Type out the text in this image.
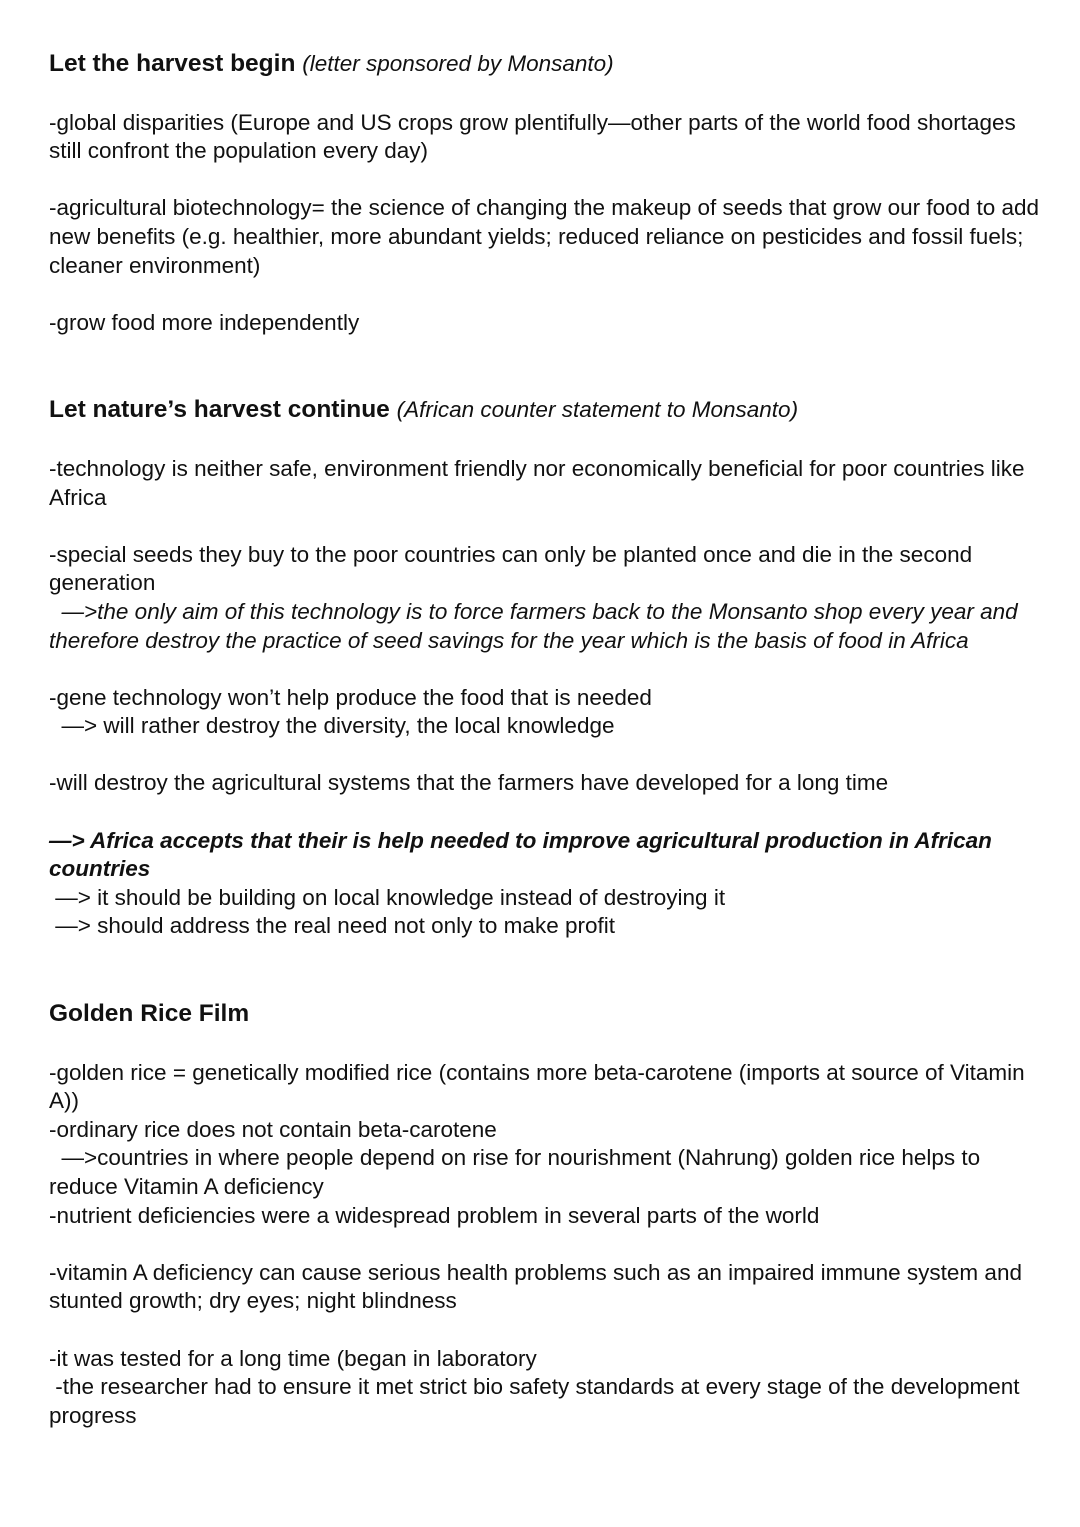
Let the harvest begin (letter sponsored by Monsanto)

-global disparities (Europe and US crops grow plentifully—other parts of the world food shortages still confront the population every day)

-agricultural biotechnology= the science of changing the makeup of seeds that grow our food to add new benefits (e.g. healthier, more abundant yields; reduced reliance on pesticides and fossil fuels; cleaner environment)

-grow food more independently

Let nature’s harvest continue (African counter statement to Monsanto)

-technology is neither safe, environment friendly nor economically beneficial for poor countries like Africa

-special seeds they buy to the poor countries can only be planted once and die in the second generation

—>the only aim of this technology is to force farmers back to the Monsanto shop every year and therefore destroy the practice of seed savings for the year which is the basis of food in Africa

-gene technology won’t help produce the food that is needed

—> will rather destroy the diversity, the local knowledge

-will destroy the agricultural systems that the farmers have developed for a long time

—> Africa accepts that their is help needed to improve agricultural production in African countries

—> it should be building on local knowledge instead of destroying it

—> should address the real need not only to make profit

Golden Rice Film

-golden rice = genetically modified rice (contains more beta-carotene (imports at source of Vitamin A))

-ordinary rice does not contain beta-carotene

—>countries in where people depend on rise for nourishment (Nahrung) golden rice helps to reduce Vitamin A deficiency

-nutrient deficiencies were a widespread problem in several parts of the world

-vitamin A deficiency can cause serious health problems such as an impaired immune system and stunted growth; dry eyes; night blindness

-it was tested for a long time (began in laboratory

-the researcher had to ensure it met strict bio safety standards at every stage of the development progress
